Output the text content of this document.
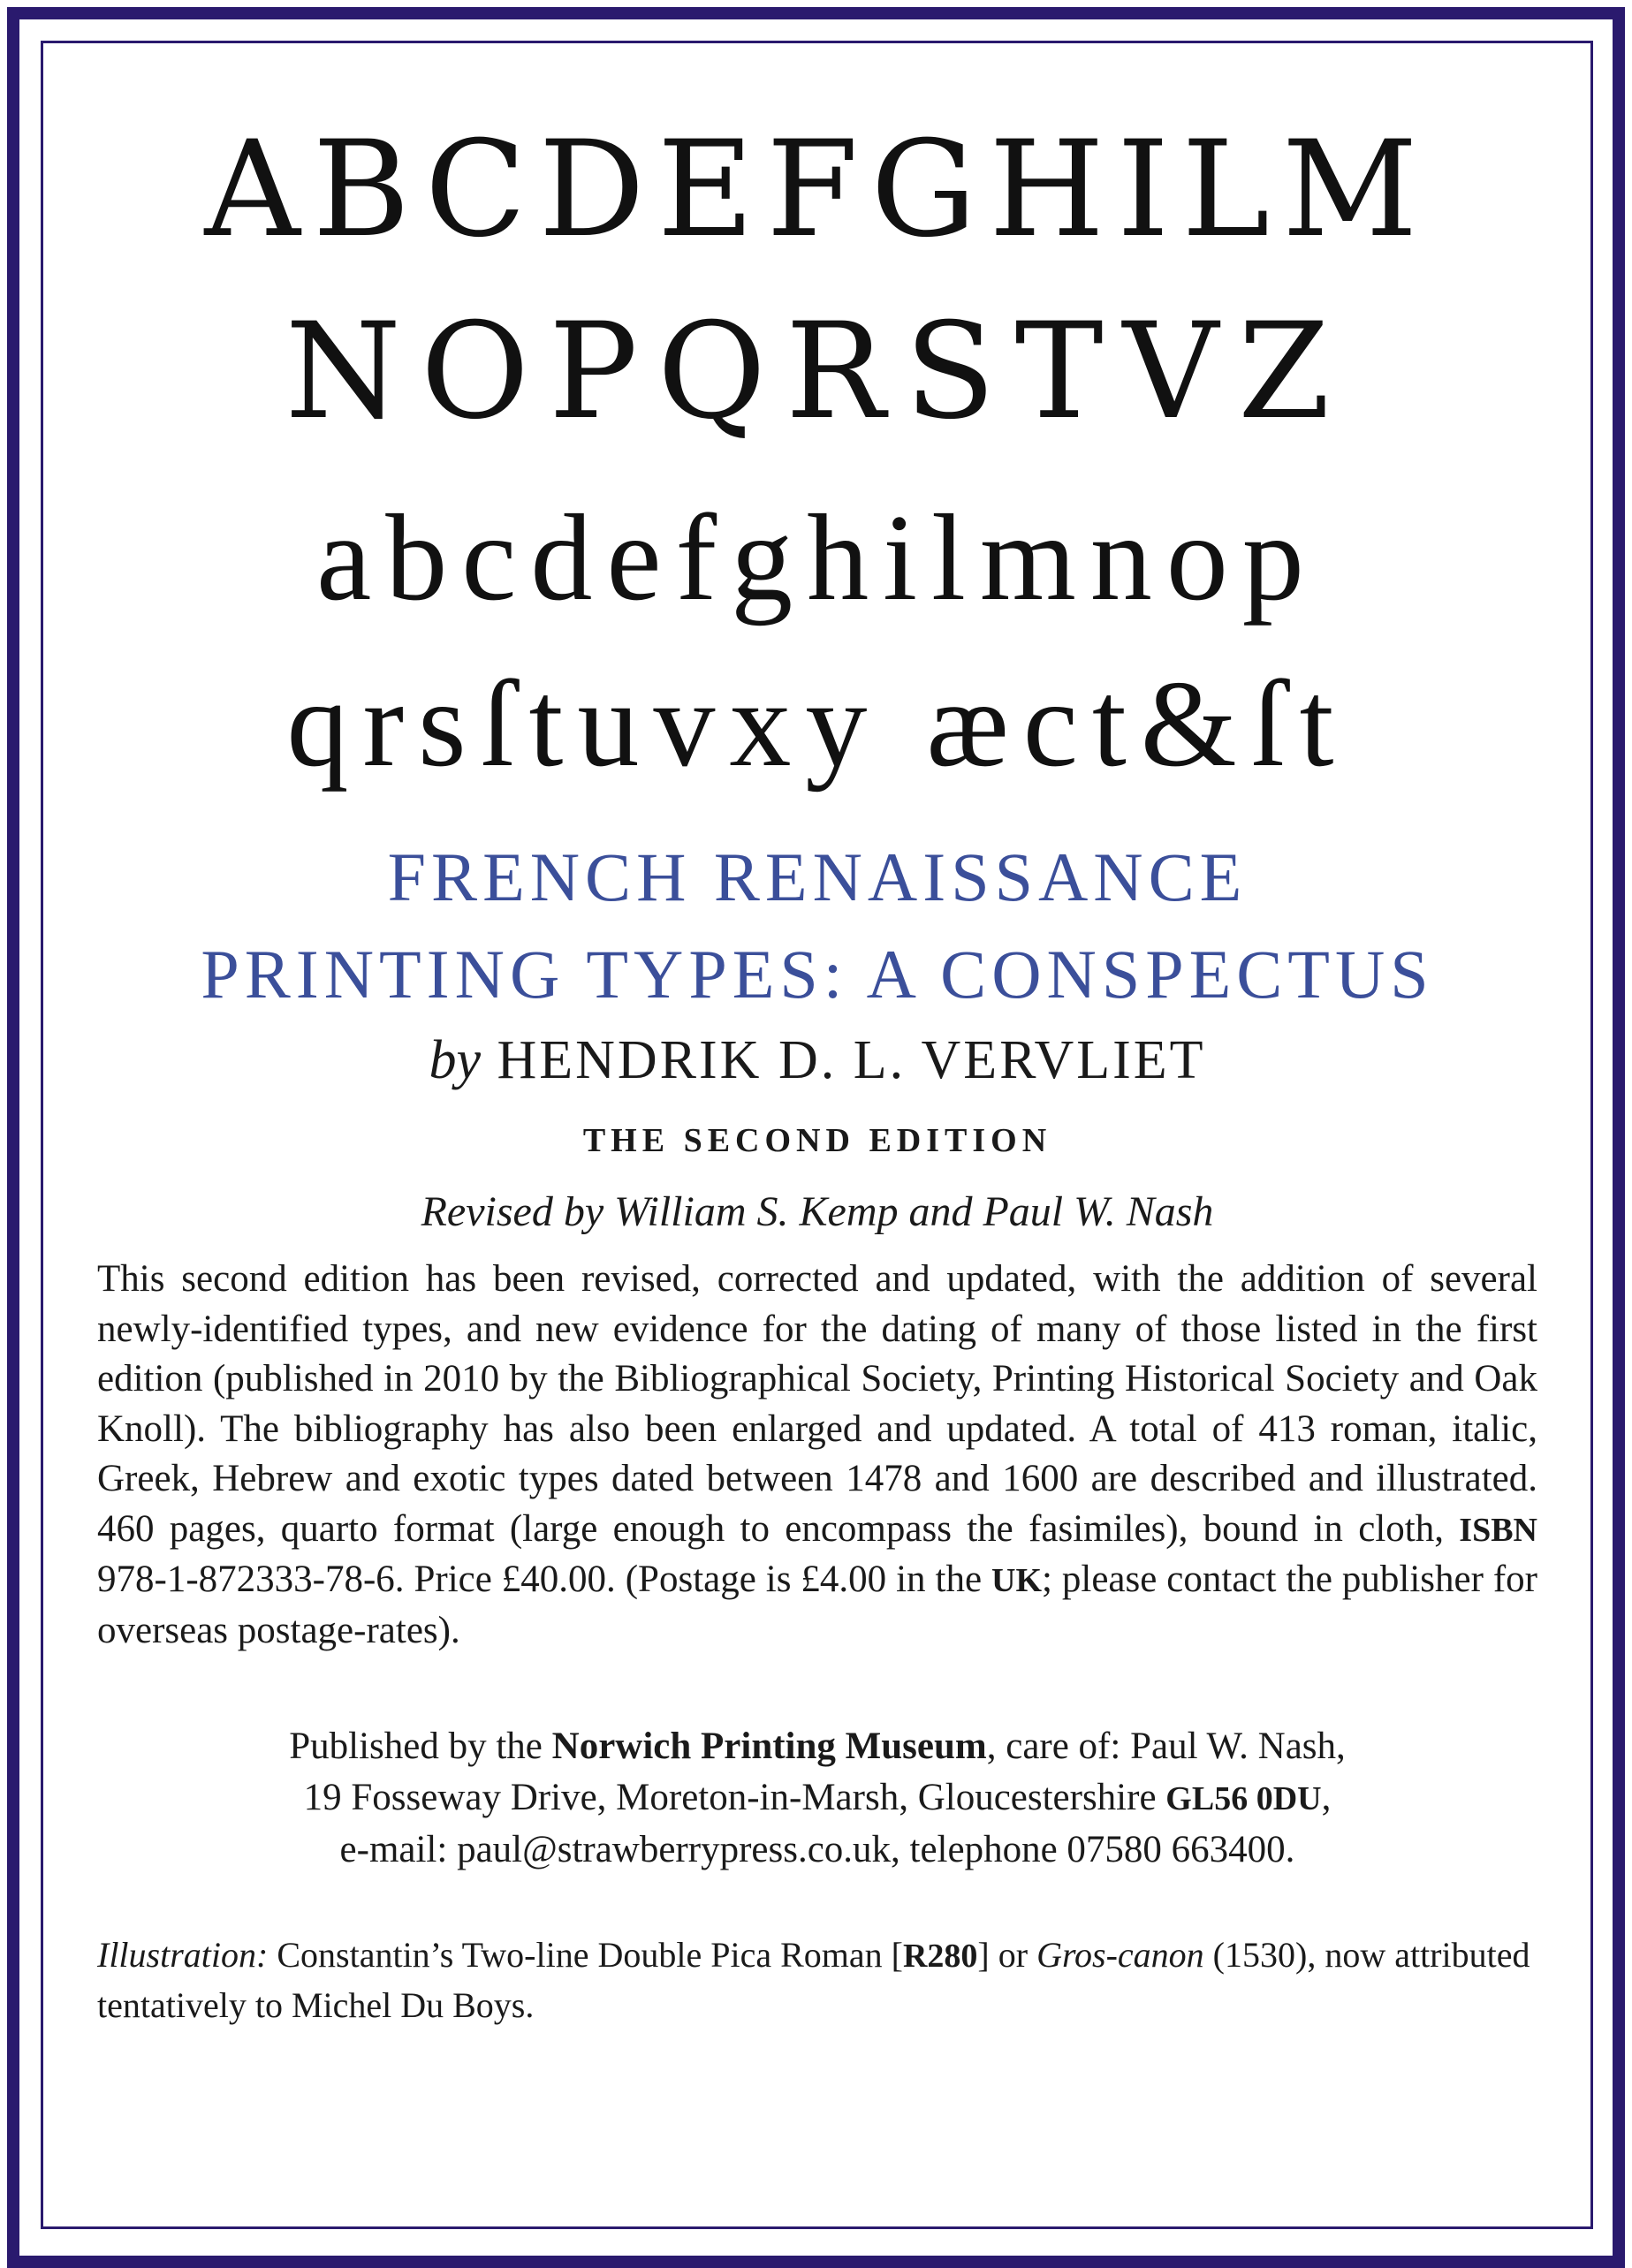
ABCDEFGHILM
NOPQRSTVZ
abcdefghilmnop
qrsſtuvxy æct&ſt
FRENCH RENAISSANCE
PRINTING TYPES: A CONSPECTUS
by HENDRIK D. L. VERVLIET
THE SECOND EDITION
Revised by William S. Kemp and Paul W. Nash
This second edition has been revised, corrected and updated, with the addition of several newly-identified types, and new evidence for the dating of many of those listed in the first edition (published in 2010 by the Bibliographical Society, Printing Historical Society and Oak Knoll). The bibliography has also been enlarged and updated. A total of 413 roman, italic, Greek, Hebrew and exotic types dated between 1478 and 1600 are described and illustrated. 460 pages, quarto format (large enough to encompass the fasimiles), bound in cloth, ISBN 978-1-872333-78-6. Price £40.00. (Postage is £4.00 in the UK; please contact the publisher for overseas postage-rates).
Published by the Norwich Printing Museum, care of: Paul W. Nash,
19 Fosseway Drive, Moreton-in-Marsh, Gloucestershire GL56 0DU,
e-mail: paul@strawberrypress.co.uk, telephone 07580 663400.
Illustration: Constantin’s Two-line Double Pica Roman [R280] or Gros-canon (1530), now attributed tentatively to Michel Du Boys.
